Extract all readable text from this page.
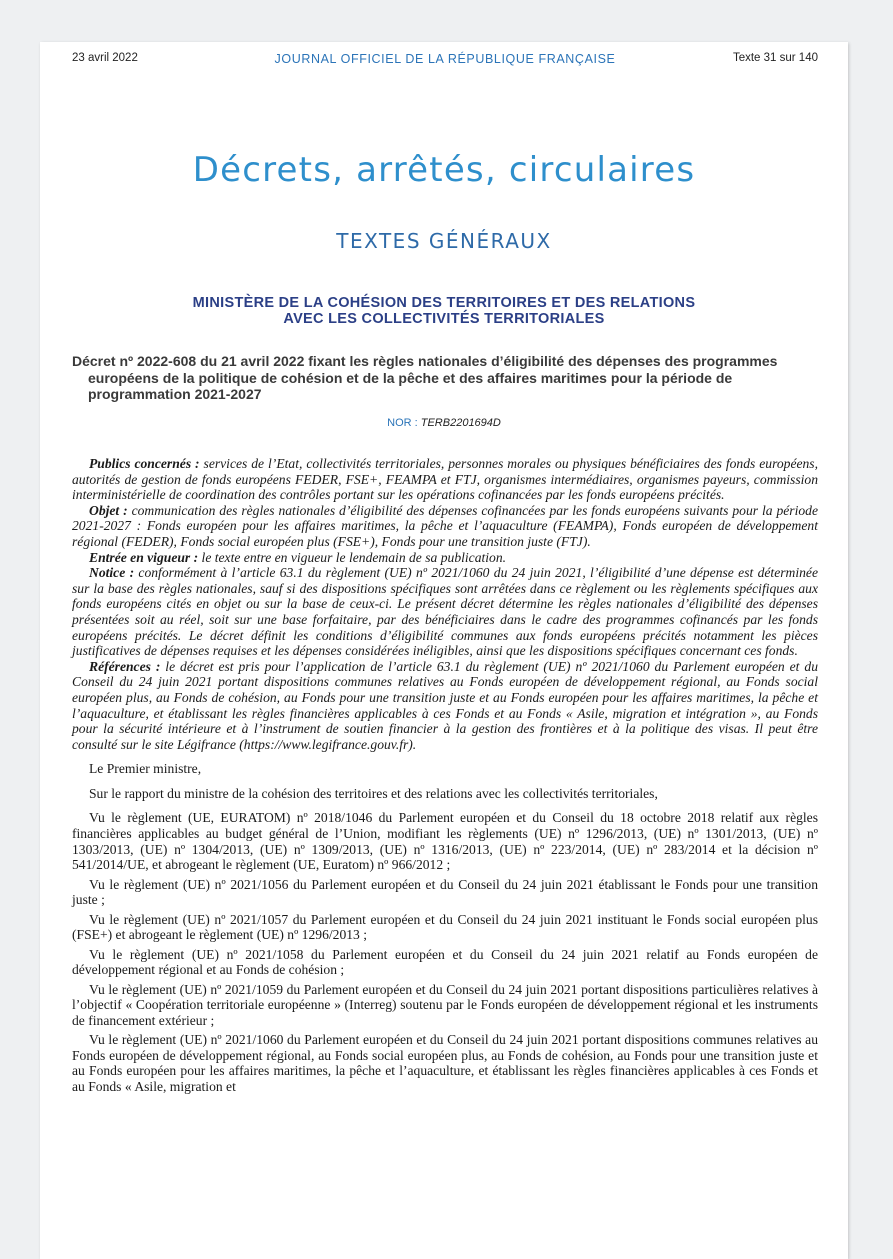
23 avril 2022	JOURNAL OFFICIEL DE LA RÉPUBLIQUE FRANÇAISE	Texte 31 sur 140
Décrets, arrêtés, circulaires
TEXTES GÉNÉRAUX
MINISTÈRE DE LA COHÉSION DES TERRITOIRES ET DES RELATIONS
AVEC LES COLLECTIVITÉS TERRITORIALES
Décret nº 2022-608 du 21 avril 2022 fixant les règles nationales d’éligibilité des dépenses des programmes européens de la politique de cohésion et de la pêche et des affaires maritimes pour la période de programmation 2021-2027
NOR : TERB2201694D

Publics concernés : services de l’Etat, collectivités territoriales, personnes morales ou physiques bénéficiaires des fonds européens, autorités de gestion de fonds européens FEDER, FSE+, FEAMPA et FTJ, organismes intermédiaires, organismes payeurs, commission interministérielle de coordination des contrôles portant sur les opérations cofinancées par les fonds européens précités.

Objet : communication des règles nationales d’éligibilité des dépenses cofinancées par les fonds européens suivants pour la période 2021-2027 : Fonds européen pour les affaires maritimes, la pêche et l’aquaculture (FEAMPA), Fonds européen de développement régional (FEDER), Fonds social européen plus (FSE+), Fonds pour une transition juste (FTJ).

Entrée en vigueur : le texte entre en vigueur le lendemain de sa publication.

Notice : conformément à l’article 63.1 du règlement (UE) nº 2021/1060 du 24 juin 2021, l’éligibilité d’une dépense est déterminée sur la base des règles nationales, sauf si des dispositions spécifiques sont arrêtées dans ce règlement ou les règlements spécifiques aux fonds européens cités en objet ou sur la base de ceux-ci. Le présent décret détermine les règles nationales d’éligibilité des dépenses présentées soit au réel, soit sur une base forfaitaire, par des bénéficiaires dans le cadre des programmes cofinancés par les fonds européens précités. Le décret définit les conditions d’éligibilité communes aux fonds européens précités notamment les pièces justificatives de dépenses requises et les dépenses considérées inéligibles, ainsi que les dispositions spécifiques concernant ces fonds.

Références : le décret est pris pour l’application de l’article 63.1 du règlement (UE) nº 2021/1060 du Parlement européen et du Conseil du 24 juin 2021 portant dispositions communes relatives au Fonds européen de développement régional, au Fonds social européen plus, au Fonds de cohésion, au Fonds pour une transition juste et au Fonds européen pour les affaires maritimes, la pêche et l’aquaculture, et établissant les règles financières applicables à ces Fonds et au Fonds « Asile, migration et intégration », au Fonds pour la sécurité intérieure et à l’instrument de soutien financier à la gestion des frontières et à la politique des visas. Il peut être consulté sur le site Légifrance (https://www.legifrance.gouv.fr).

Le Premier ministre,

Sur le rapport du ministre de la cohésion des territoires et des relations avec les collectivités territoriales,

Vu le règlement (UE, EURATOM) nº 2018/1046 du Parlement européen et du Conseil du 18 octobre 2018 relatif aux règles financières applicables au budget général de l’Union, modifiant les règlements (UE) nº 1296/2013, (UE) nº 1301/2013, (UE) nº 1303/2013, (UE) nº 1304/2013, (UE) nº 1309/2013, (UE) nº 1316/2013, (UE) nº 223/2014, (UE) nº 283/2014 et la décision nº 541/2014/UE, et abrogeant le règlement (UE, Euratom) nº 966/2012 ;

Vu le règlement (UE) nº 2021/1056 du Parlement européen et du Conseil du 24 juin 2021 établissant le Fonds pour une transition juste ;

Vu le règlement (UE) nº 2021/1057 du Parlement européen et du Conseil du 24 juin 2021 instituant le Fonds social européen plus (FSE+) et abrogeant le règlement (UE) nº 1296/2013 ;

Vu le règlement (UE) nº 2021/1058 du Parlement européen et du Conseil du 24 juin 2021 relatif au Fonds européen de développement régional et au Fonds de cohésion ;

Vu le règlement (UE) nº 2021/1059 du Parlement européen et du Conseil du 24 juin 2021 portant dispositions particulières relatives à l’objectif « Coopération territoriale européenne » (Interreg) soutenu par le Fonds européen de développement régional et les instruments de financement extérieur ;

Vu le règlement (UE) nº 2021/1060 du Parlement européen et du Conseil du 24 juin 2021 portant dispositions communes relatives au Fonds européen de développement régional, au Fonds social européen plus, au Fonds de cohésion, au Fonds pour une transition juste et au Fonds européen pour les affaires maritimes, la pêche et l’aquaculture, et établissant les règles financières applicables à ces Fonds et au Fonds « Asile, migration et
